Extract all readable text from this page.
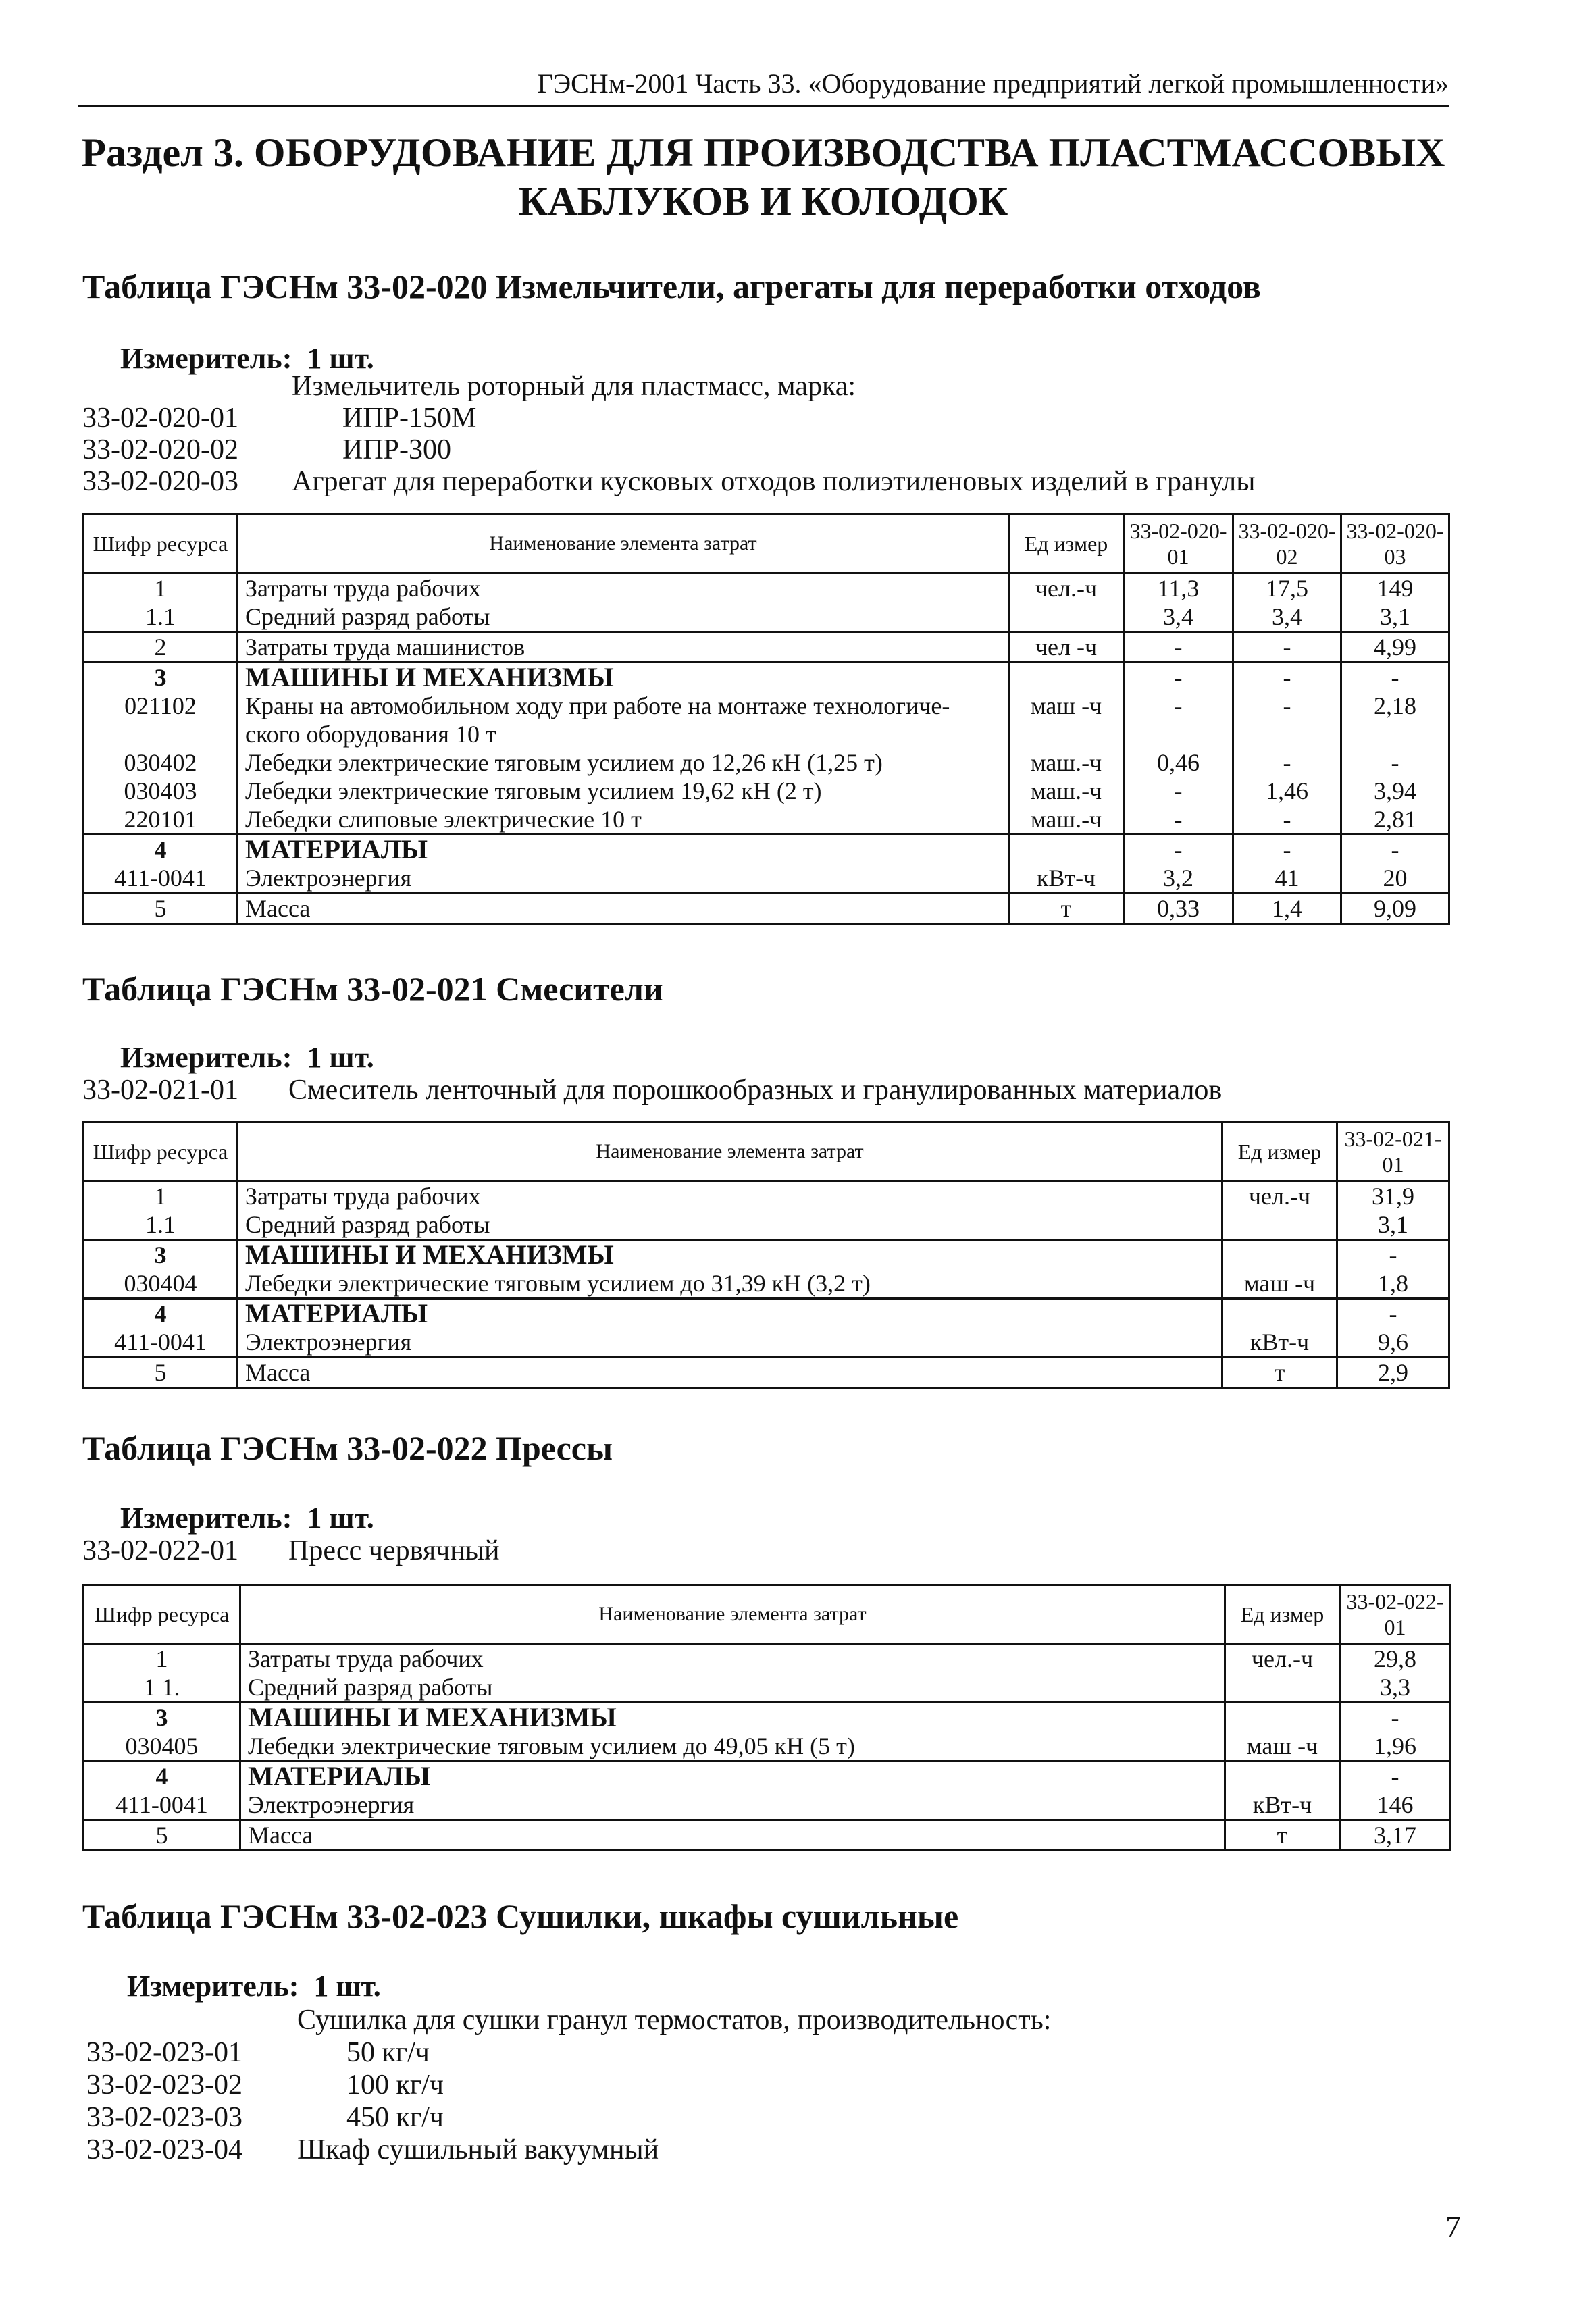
ГЭСНм-2001 Часть 33. «Оборудование предприятий легкой промышленности»
Раздел 3. ОБОРУДОВАНИЕ ДЛЯ ПРОИЗВОДСТВА ПЛАСТМАССОВЫХ
КАБЛУКОВ И КОЛОДОК
Таблица ГЭСНм 33-02-020 Измельчители, агрегаты для переработки отходов
Измеритель: 1 шт.
Измельчитель роторный для пластмасс, марка:
33-02-020-01	ИПР-150М
33-02-020-02	ИПР-300
33-02-020-03 Агрегат для переработки кусковых отходов полиэтиленовых изделий в гранулы
Шифр ресурса	Наименование элемента затрат	Ед измер	33-02-020-01	33-02-020-02	33-02-020-03
1	Затраты труда рабочих	чел.-ч	11,3	17,5	149
1.1	Средний разряд работы		3,4	3,4	3,1
2	Затраты труда машинистов	чел -ч	-	-	4,99
3	МАШИНЫ И МЕХАНИЗМЫ		-	-	-
021102	Краны на автомобильном ходу при работе на монтаже технологиче-ского оборудования 10 т	маш -ч	-	-	2,18
030402	Лебедки электрические тяговым усилием до 12,26 кН (1,25 т)	маш.-ч	0,46	-	-
030403	Лебедки электрические тяговым усилием 19,62 кН (2 т)	маш.-ч	-	1,46	3,94
220101	Лебедки слиповые электрические 10 т	маш.-ч	-	-	2,81
4	МАТЕРИАЛЫ		-	-	-
411-0041	Электроэнергия	кВт-ч	3,2	41	20
5	Масса	т	0,33	1,4	9,09
Таблица ГЭСНм 33-02-021 Смесители
Измеритель: 1 шт.
33-02-021-01 Смеситель ленточный для порошкообразных и гранулированных материалов
Шифр ресурса	Наименование элемента затрат	Ед измер	33-02-021-01
1	Затраты труда рабочих	чел.-ч	31,9
1.1	Средний разряд работы		3,1
3	МАШИНЫ И МЕХАНИЗМЫ		-
030404	Лебедки электрические тяговым усилием до 31,39 кН (3,2 т)	маш -ч	1,8
4	МАТЕРИАЛЫ		-
411-0041	Электроэнергия	кВт-ч	9,6
5	Масса	т	2,9
Таблица ГЭСНм 33-02-022 Прессы
Измеритель: 1 шт.
33-02-022-01 Пресс червячный
Шифр ресурса	Наименование элемента затрат	Ед измер	33-02-022-01
1	Затраты труда рабочих	чел.-ч	29,8
1 1.	Средний разряд работы		3,3
3	МАШИНЫ И МЕХАНИЗМЫ		-
030405	Лебедки электрические тяговым усилием до 49,05 кН (5 т)	маш -ч	1,96
4	МАТЕРИАЛЫ		-
411-0041	Электроэнергия	кВт-ч	146
5	Масса	т	3,17
Таблица ГЭСНм 33-02-023 Сушилки, шкафы сушильные
Измеритель: 1 шт.
Сушилка для сушки гранул термостатов, производительность:
33-02-023-01	50 кг/ч
33-02-023-02	100 кг/ч
33-02-023-03	450 кг/ч
33-02-023-04 Шкаф сушильный вакуумный
7
